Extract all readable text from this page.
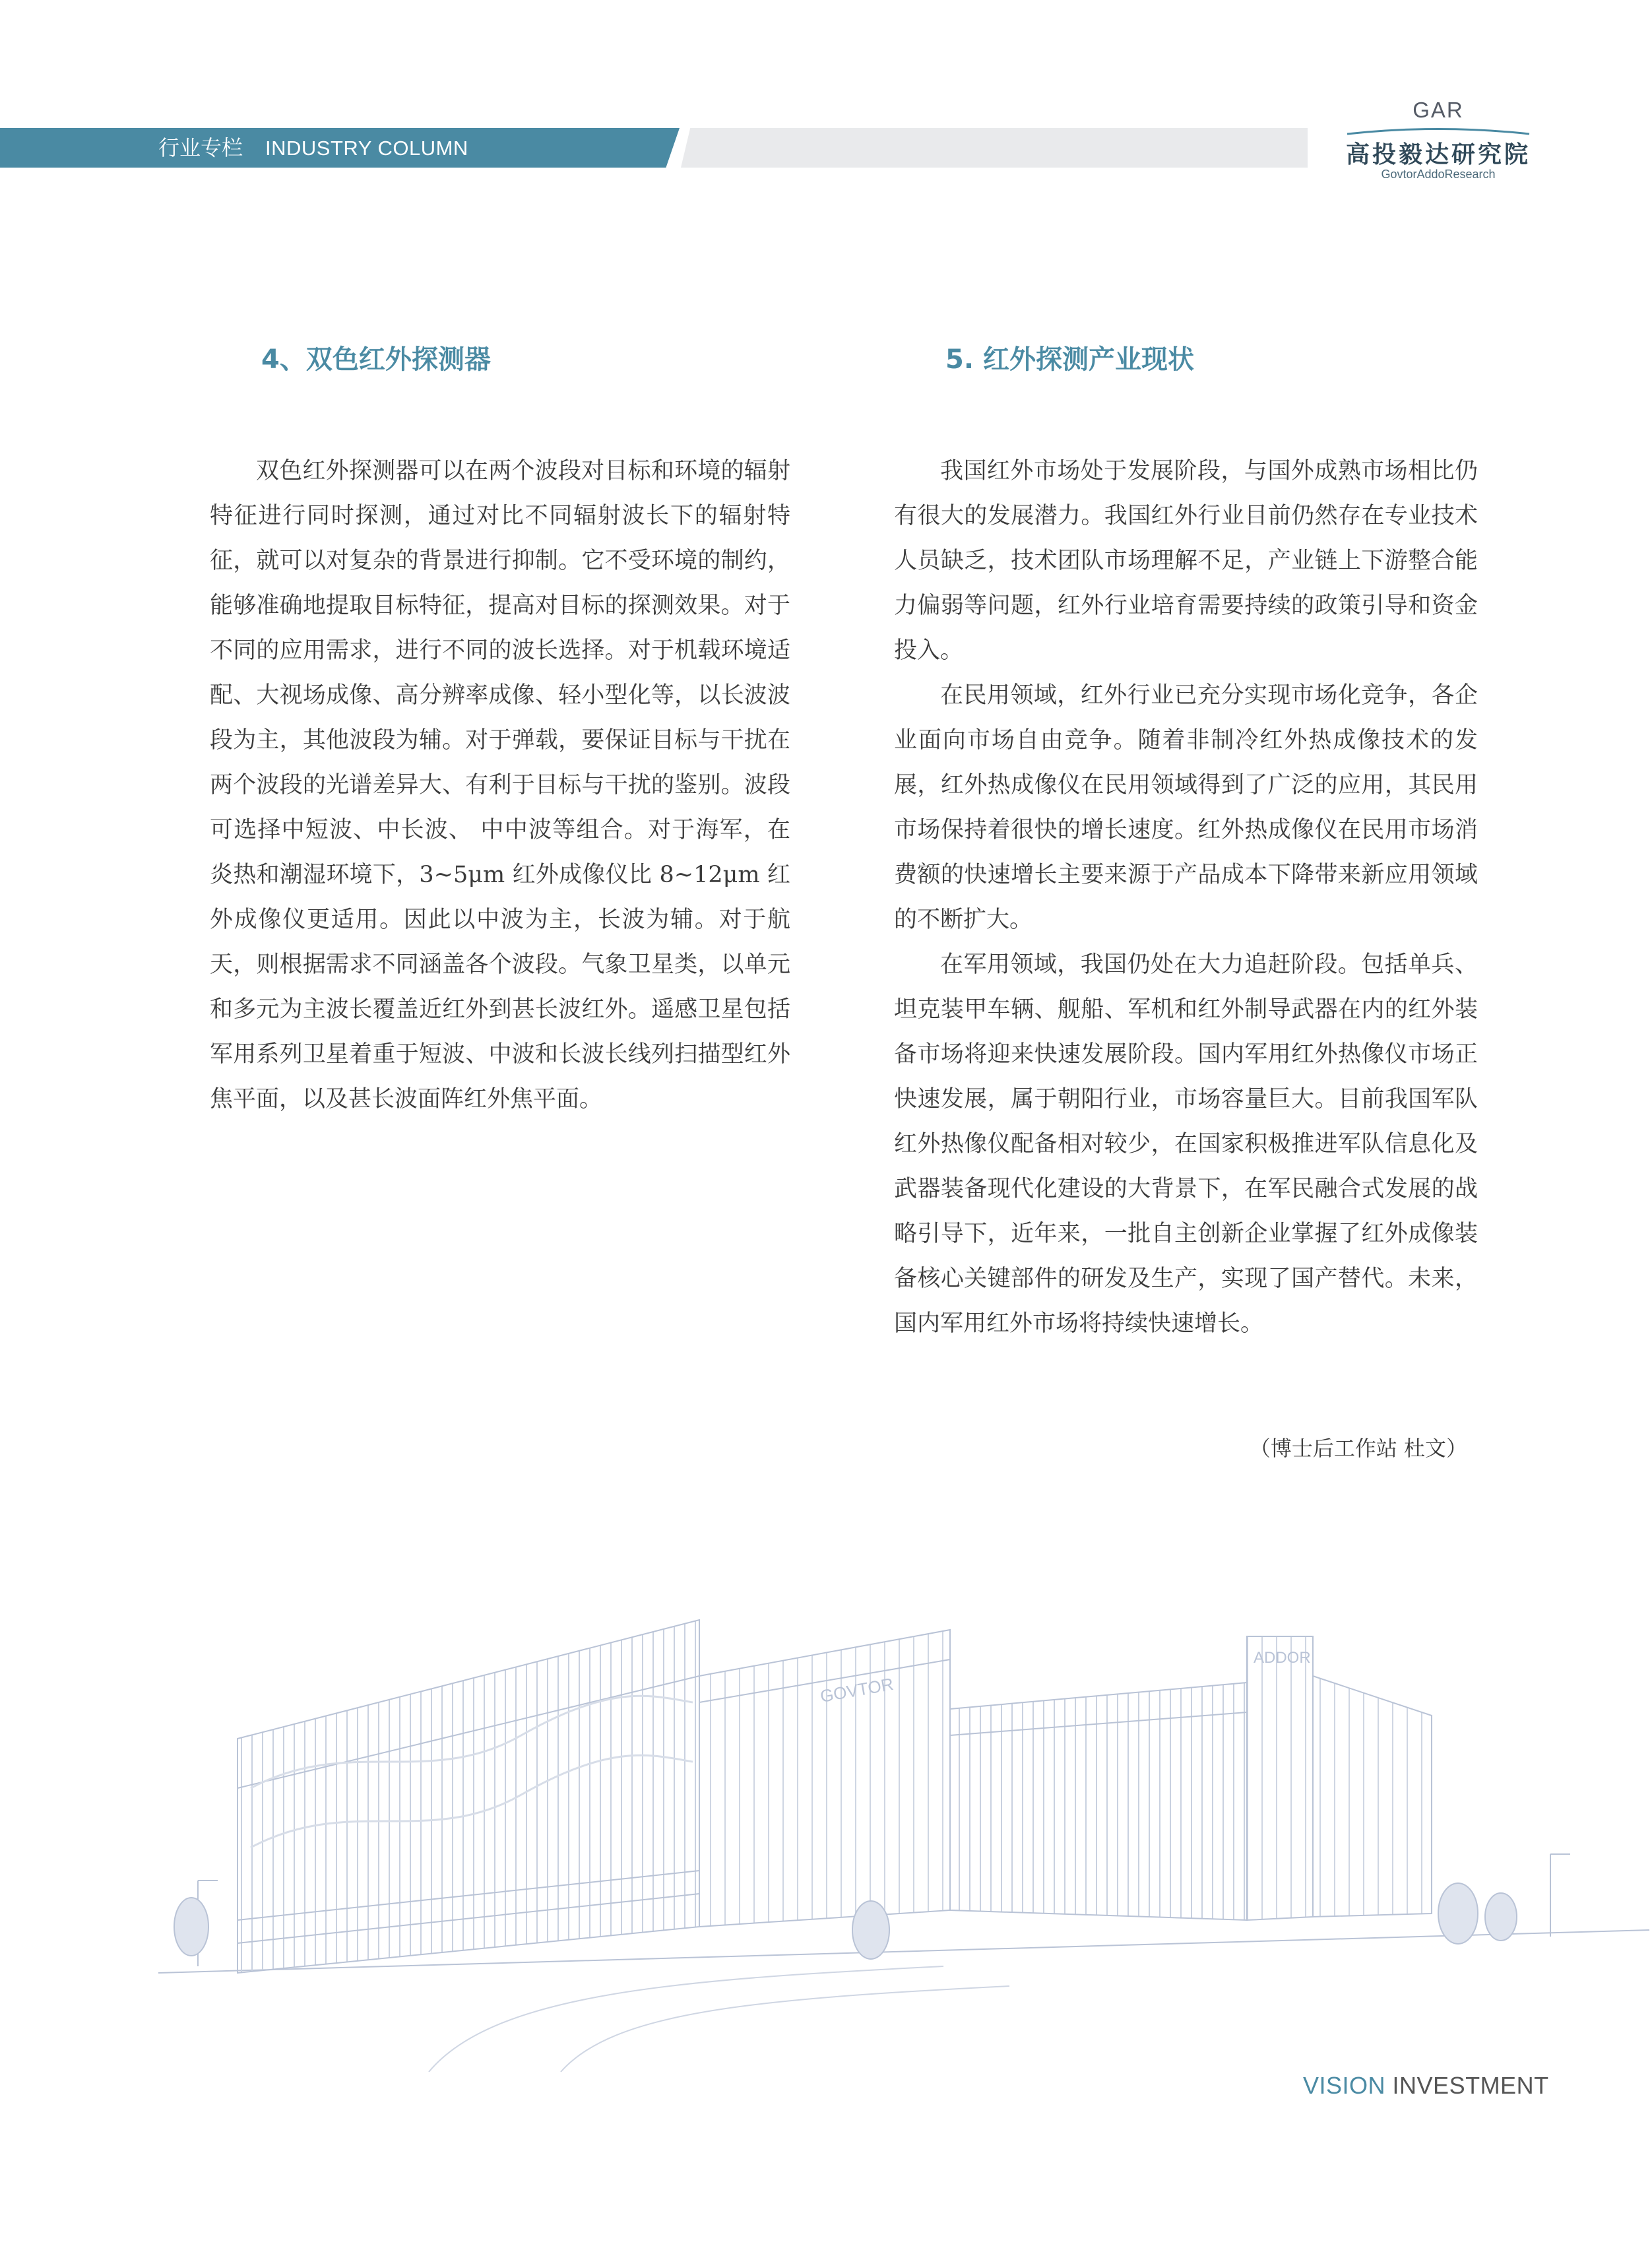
行业专栏 INDUSTRY COLUMN
GAR
高投毅达研究院
GovtorAddoResearch
4、双色红外探测器

双色红外探测器可以在两个波段对目标和环境的辐射特征进行同时探测，通过对比不同辐射波长下的辐射特征，就可以对复杂的背景进行抑制。它不受环境的制约，能够准确地提取目标特征，提高对目标的探测效果。对于不同的应用需求，进行不同的波长选择。对于机载环境适配、大视场成像、高分辨率成像、轻小型化等，以长波波段为主，其他波段为辅。对于弹载，要保证目标与干扰在两个波段的光谱差异大、有利于目标与干扰的鉴别。波段可选择中短波、中长波、 中中波等组合。对于海军，在炎热和潮湿环境下，3~5μm 红外成像仪比 8~12μm 红外成像仪更适用。因此以中波为主，长波为辅。对于航天，则根据需求不同涵盖各个波段。气象卫星类，以单元和多元为主波长覆盖近红外到甚长波红外。遥感卫星包括军用系列卫星着重于短波、中波和长波长线列扫描型红外焦平面，以及甚长波面阵红外焦平面。

5. 红外探测产业现状

我国红外市场处于发展阶段，与国外成熟市场相比仍有很大的发展潜力。我国红外行业目前仍然存在专业技术人员缺乏，技术团队市场理解不足，产业链上下游整合能力偏弱等问题，红外行业培育需要持续的政策引导和资金投入。

在民用领域，红外行业已充分实现市场化竞争，各企业面向市场自由竞争。随着非制冷红外热成像技术的发展，红外热成像仪在民用领域得到了广泛的应用，其民用市场保持着很快的增长速度。红外热成像仪在民用市场消费额的快速增长主要来源于产品成本下降带来新应用领域的不断扩大。

在军用领域，我国仍处在大力追赶阶段。包括单兵、坦克装甲车辆、舰船、军机和红外制导武器在内的红外装备市场将迎来快速发展阶段。国内军用红外热像仪市场正快速发展，属于朝阳行业，市场容量巨大。目前我国军队红外热像仪配备相对较少，在国家积极推进军队信息化及武器装备现代化建设的大背景下，在军民融合式发展的战略引导下，近年来，一批自主创新企业掌握了红外成像装备核心关键部件的研发及生产，实现了国产替代。未来，国内军用红外市场将持续快速增长。

（博士后工作站 杜文）
GOVTOR
ADDOR
VISION INVESTMENT
